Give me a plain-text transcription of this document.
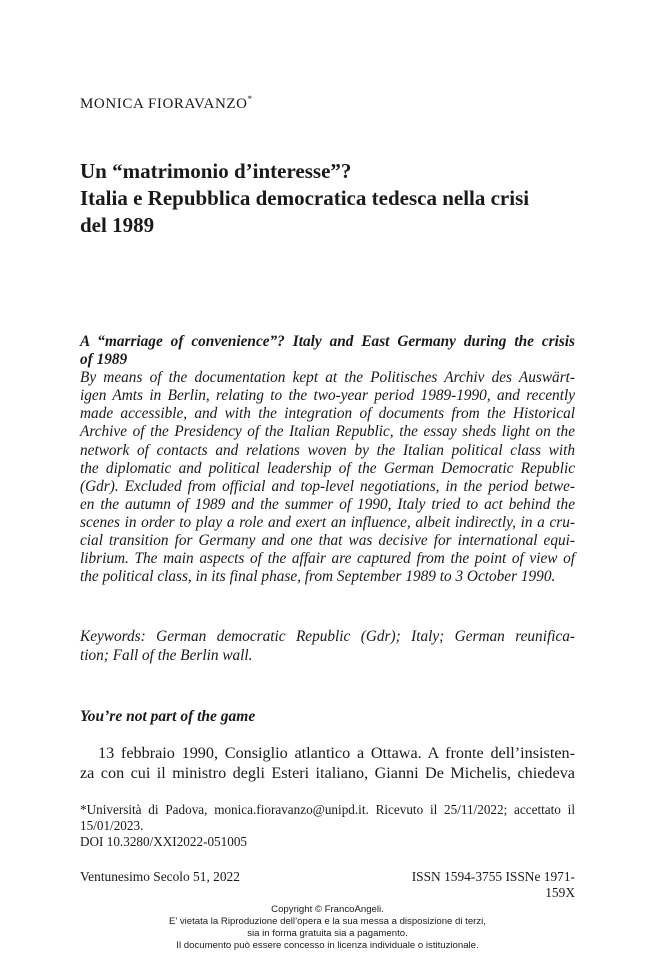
MONICA FIORAVANZO*
Un “matrimonio d’interesse”?
Italia e Repubblica democratica tedesca nella crisi
del 1989
A “marriage of convenience”? Italy and East Germany during the crisis
of 1989
By means of the documentation kept at the Politisches Archiv des Auswärt-
igen Amts in Berlin, relating to the two-year period 1989-1990, and recently
made accessible, and with the integration of documents from the Historical
Archive of the Presidency of the Italian Republic, the essay sheds light on the
network of contacts and relations woven by the Italian political class with
the diplomatic and political leadership of the German Democratic Republic
(Gdr). Excluded from official and top-level negotiations, in the period betwe-
en the autumn of 1989 and the summer of 1990, Italy tried to act behind the
scenes in order to play a role and exert an influence, albeit indirectly, in a cru-
cial transition for Germany and one that was decisive for international equi-
librium. The main aspects of the affair are captured from the point of view of
the political class, in its final phase, from September 1989 to 3 October 1990.
Keywords: German democratic Republic (Gdr); Italy; German reunifica-
tion; Fall of the Berlin wall.
You’re not part of the game
13 febbraio 1990, Consiglio atlantico a Ottawa. A fronte dell’insisten-
za con cui il ministro degli Esteri italiano, Gianni De Michelis, chiedeva
*Università di Padova, monica.fioravanzo@unipd.it. Ricevuto il 25/11/2022; accettato il
15/01/2023.
DOI 10.3280/XXI2022-051005
Ventunesimo Secolo 51, 2022	ISSN 1594-3755 ISSNe 1971-159X
Copyright © FrancoAngeli.
E’ vietata la Riproduzione dell’opera e la sua messa a disposizione di terzi,
sia in forma gratuita sia a pagamento.
Il documento può essere concesso in licenza individuale o istituzionale.
